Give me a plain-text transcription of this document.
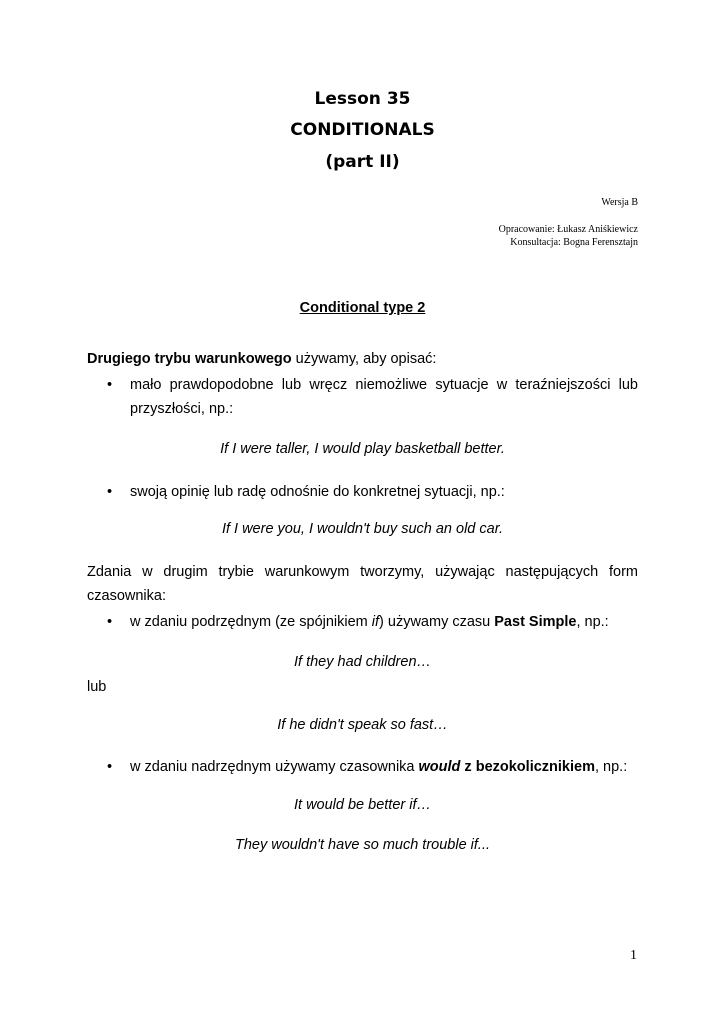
Lesson 35
CONDITIONALS
(part II)
Wersja B
Opracowanie: Łukasz Aniśkiewicz
Konsultacja: Bogna Ferensztajn
Conditional type 2
Drugiego trybu warunkowego używamy, aby opisać:
• mało prawdopodobne lub wręcz niemożliwe sytuacje w teraźniejszości lub
przyszłości, np.:
If I were taller, I would play basketball better.
• swoją opinię lub radę odnośnie do konkretnej sytuacji, np.:
If I were you, I wouldn't buy such an old car.
Zdania w drugim trybie warunkowym tworzymy, używając następujących form
czasownika:
• w zdaniu podrzędnym (ze spójnikiem if) używamy czasu Past Simple, np.:
If they had children…
lub
If he didn't speak so fast…
• w zdaniu nadrzędnym używamy czasownika would z bezokolicznikiem, np.:
It would be better if…
They wouldn't have so much trouble if...
1
